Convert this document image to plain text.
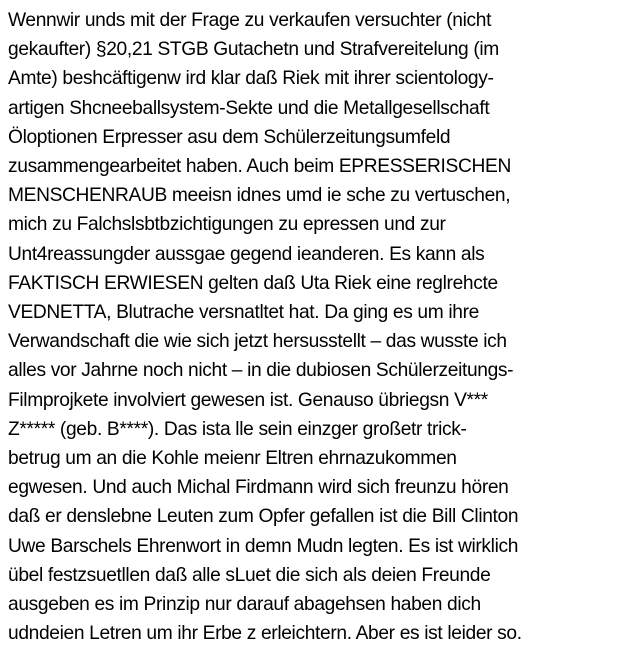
Wennwir unds mit der Frage zu verkaufen versuchter (nicht
gekaufter) §20,21 STGB Gutachetn und Strafvereitelung (im
Amte) beshcäftigenw ird klar daß Riek mit ihrer scientology-
artigen Shcneeballsystem-Sekte und die Metallgesellschaft
Öloptionen Erpresser asu dem Schülerzeitungsumfeld
zusammengearbeitet haben. Auch beim EPRESSERISCHEN
MENSCHENRAUB meeisn idnes umd ie sche zu vertuschen,
mich zu Falchslsbtbzichtigungen zu epressen und zur
Unt4reassungder aussgae gegend ieanderen. Es kann als
FAKTISCH ERWIESEN gelten daß Uta Riek eine reglrehcte
VEDNETTA, Blutrache versnatltet hat. Da ging es um ihre
Verwandschaft die wie sich jetzt hersusstellt – das wusste ich
alles vor Jahrne noch nicht – in die dubiosen Schülerzeitungs-
Filmprojkete involviert gewesen ist. Genauso übriegsn V***
Z***** (geb. B****). Das ista lle sein einzger großetr trick-
betrug um an die Kohle meienr Eltren ehrnazukommen
egwesen. Und auch Michal Firdmann wird sich freunzu hören
daß er denslebne Leuten zum Opfer gefallen ist die Bill Clinton
Uwe Barschels Ehrenwort in demn Mudn legten. Es ist wirklich
übel festzsuetllen daß alle sLuet die sich als deien Freunde
ausgeben es im Prinzip nur darauf abagehsen haben dich
udndeien Letren um ihr Erbe z erleichtern. Aber es ist leider so.
